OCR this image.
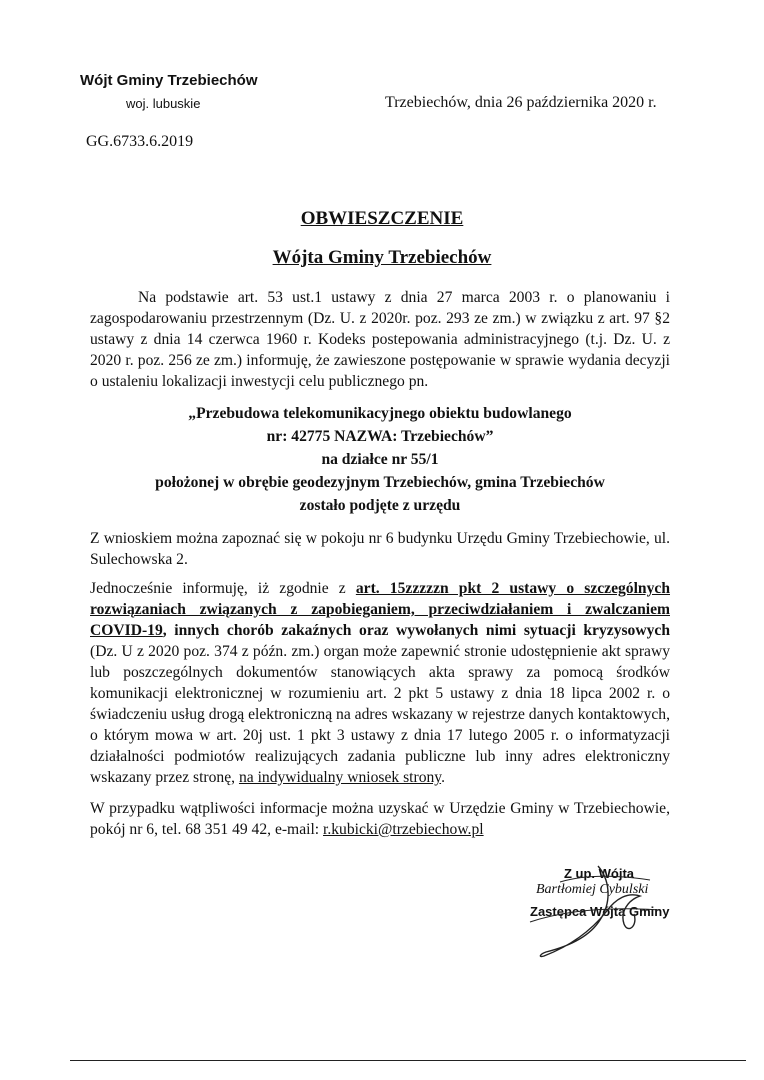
Wójt Gminy Trzebiechów
woj. lubuskie	Trzebiechów, dnia 26 października 2020 r.
GG.6733.6.2019
OBWIESZCZENIE
Wójta Gminy Trzebiechów
Na podstawie art. 53 ust.1 ustawy z dnia 27 marca 2003 r. o planowaniu i zagospodarowaniu przestrzennym (Dz. U. z 2020r. poz. 293 ze zm.) w związku z art. 97 §2 ustawy z dnia 14 czerwca 1960 r. Kodeks postepowania administracyjnego (t.j. Dz. U. z 2020 r. poz. 256 ze zm.) informuję, że zawieszone postępowanie w sprawie wydania decyzji o ustaleniu lokalizacji inwestycji celu publicznego pn.
„Przebudowa telekomunikacyjnego obiektu budowlanego
nr: 42775 NAZWA: Trzebiechów”
na działce nr 55/1
położonej w obrębie geodezyjnym Trzebiechów, gmina Trzebiechów
zostało podjęte z urzędu
Z wnioskiem można zapoznać się w pokoju nr 6 budynku Urzędu Gminy Trzebiechowie, ul. Sulechowska 2.
Jednocześnie informuję, iż zgodnie z art. 15zzzzzn pkt 2 ustawy o szczególnych rozwiązaniach związanych z zapobieganiem, przeciwdziałaniem i zwalczaniem COVID-19, innych chorób zakaźnych oraz wywołanych nimi sytuacji kryzysowych (Dz. U z 2020 poz. 374 z późn. zm.) organ może zapewnić stronie udostępnienie akt sprawy lub poszczególnych dokumentów stanowiących akta sprawy za pomocą środków komunikacji elektronicznej w rozumieniu art. 2 pkt 5 ustawy z dnia 18 lipca 2002 r. o świadczeniu usług drogą elektroniczną na adres wskazany w rejestrze danych kontaktowych, o którym mowa w art. 20j ust. 1 pkt 3 ustawy z dnia 17 lutego 2005 r. o informatyzacji działalności podmiotów realizujących zadania publiczne lub inny adres elektroniczny wskazany przez stronę, na indywidualny wniosek strony.
W przypadku wątpliwości informacje można uzyskać w Urzędzie Gminy w Trzebiechowie, pokój nr 6, tel. 68 351 49 42, e-mail: r.kubicki@trzebiechow.pl
Z up. Wójta
Bartłomiej Cybulski
Zastępca Wójta Gminy
